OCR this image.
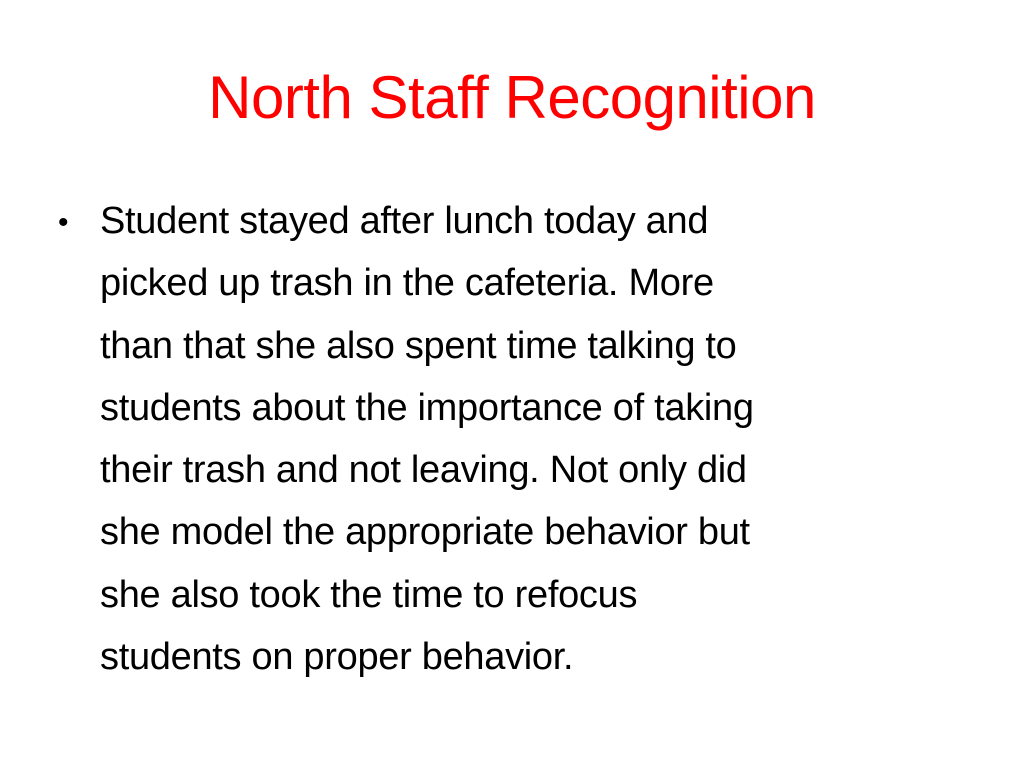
North Staff Recognition
• Student stayed after lunch today and
picked up trash in the cafeteria. More
than that she also spent time talking to
students about the importance of taking
their trash and not leaving. Not only did
she model the appropriate behavior but
she also took the time to refocus
students on proper behavior.
